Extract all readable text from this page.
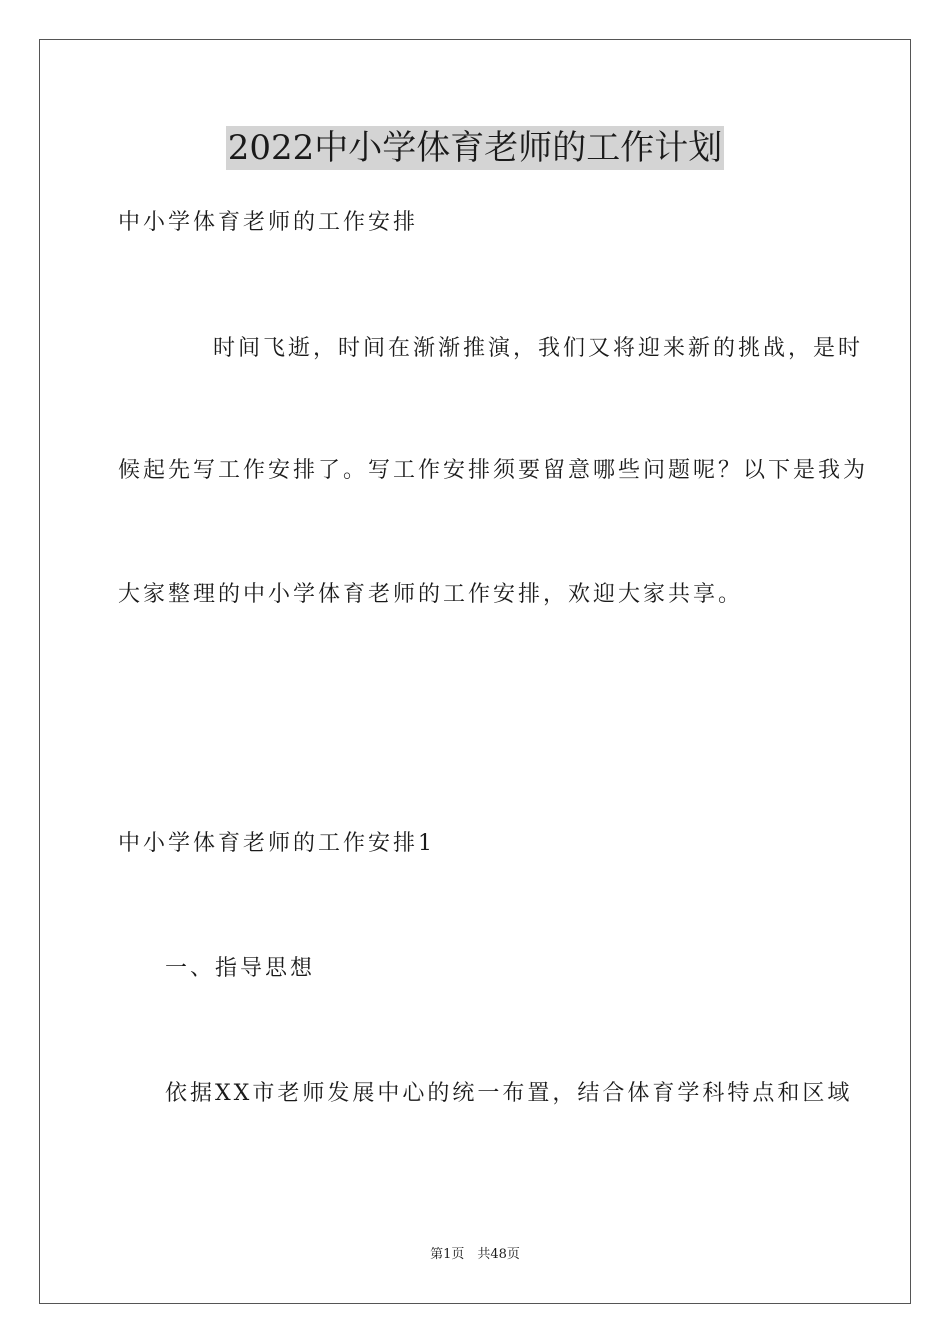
2022中小学体育老师的工作计划
中小学体育老师的工作安排
时间飞逝，时间在渐渐推演，我们又将迎来新的挑战，是时
候起先写工作安排了。写工作安排须要留意哪些问题呢？以下是我为
大家整理的中小学体育老师的工作安排，欢迎大家共享。
中小学体育老师的工作安排1
一、指导思想
依据XX市老师发展中心的统一布置，结合体育学科特点和区域
第1页　共48页
